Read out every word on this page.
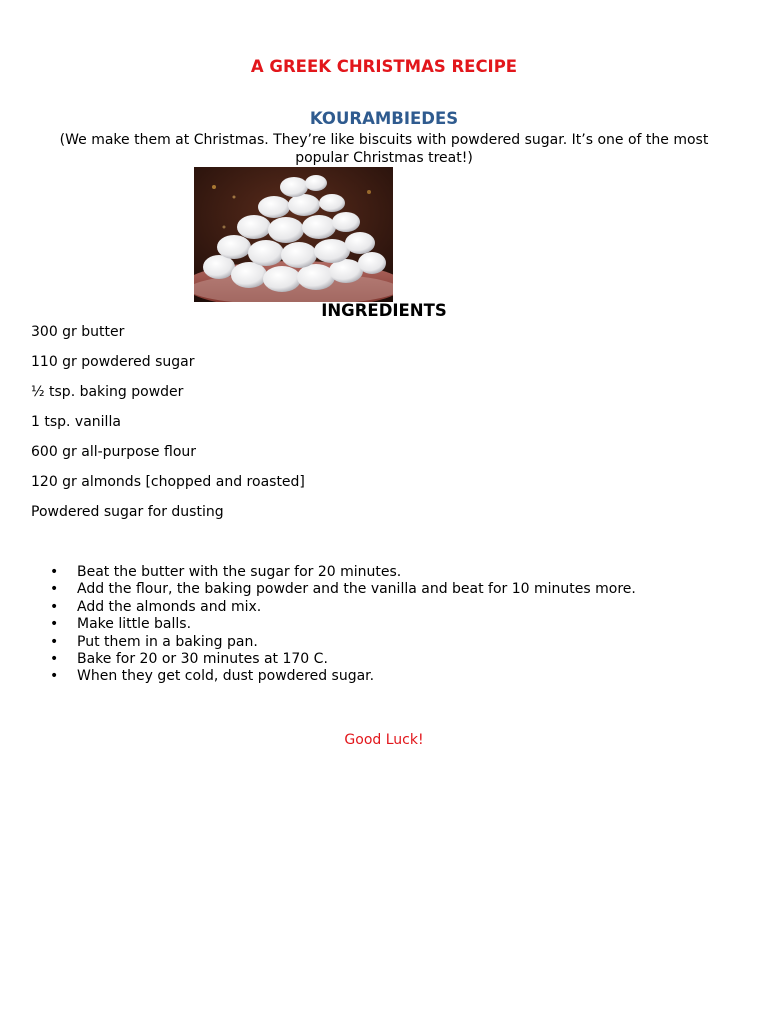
A GREEK CHRISTMAS RECIPE
KOURAMBIEDES

(We make them at Christmas. They’re like biscuits with powdered sugar. It’s one of the most popular Christmas treat!)

INGREDIENTS
300 gr butter
110 gr powdered sugar
½ tsp. baking powder
1 tsp. vanilla
600 gr all-purpose flour
120 gr almonds [chopped and roasted]
Powdered sugar for dusting
• Beat the butter with the sugar for 20 minutes.
• Add the flour, the baking powder and the vanilla and beat for 10 minutes more.
• Add the almonds and mix.
• Make little balls.
• Put them in a baking pan.
• Bake for 20 or 30 minutes at 170 C.
• When they get cold, dust powdered sugar.

Good Luck!
